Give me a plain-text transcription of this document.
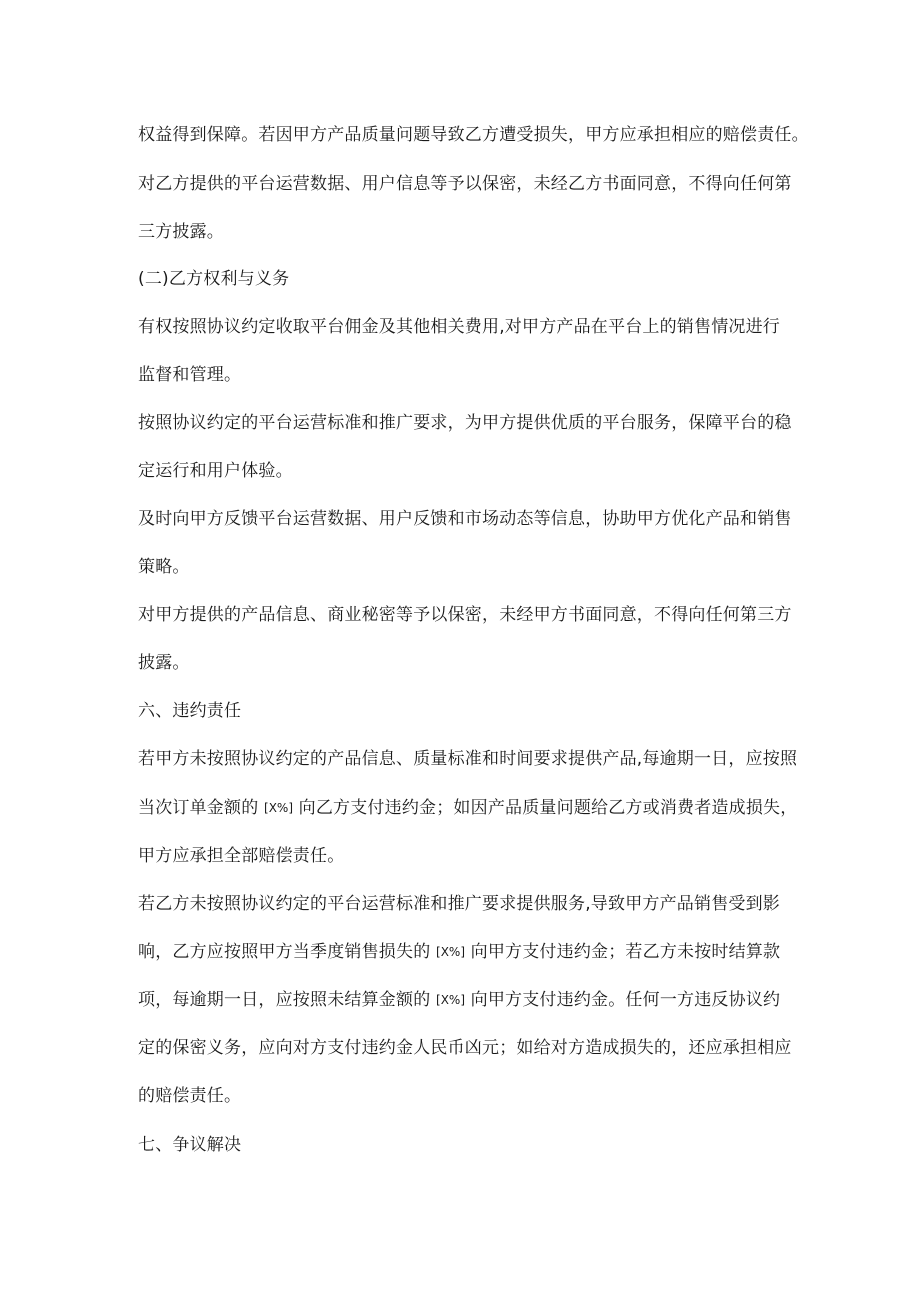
权益得到保障。若因甲方产品质量问题导致乙方遭受损失，甲方应承担相应的赔偿责任。
对乙方提供的平台运营数据、用户信息等予以保密，未经乙方书面同意，不得向任何第
三方披露。
(二)乙方权利与义务
有权按照协议约定收取平台佣金及其他相关费用,对甲方产品在平台上的销售情况进行
监督和管理。
按照协议约定的平台运营标准和推广要求，为甲方提供优质的平台服务，保障平台的稳
定运行和用户体验。
及时向甲方反馈平台运营数据、用户反馈和市场动态等信息，协助甲方优化产品和销售
策略。
对甲方提供的产品信息、商业秘密等予以保密，未经甲方书面同意，不得向任何第三方
披露。
六、违约责任
若甲方未按照协议约定的产品信息、质量标准和时间要求提供产品,每逾期一日，应按照
当次订单金额的 [X%] 向乙方支付违约金；如因产品质量问题给乙方或消费者造成损失，
甲方应承担全部赔偿责任。
若乙方未按照协议约定的平台运营标准和推广要求提供服务,导致甲方产品销售受到影
响，乙方应按照甲方当季度销售损失的 [X%] 向甲方支付违约金；若乙方未按时结算款
项，每逾期一日，应按照未结算金额的 [X%] 向甲方支付违约金。任何一方违反协议约
定的保密义务，应向对方支付违约金人民币凶元；如给对方造成损失的，还应承担相应
的赔偿责任。
七、争议解决
